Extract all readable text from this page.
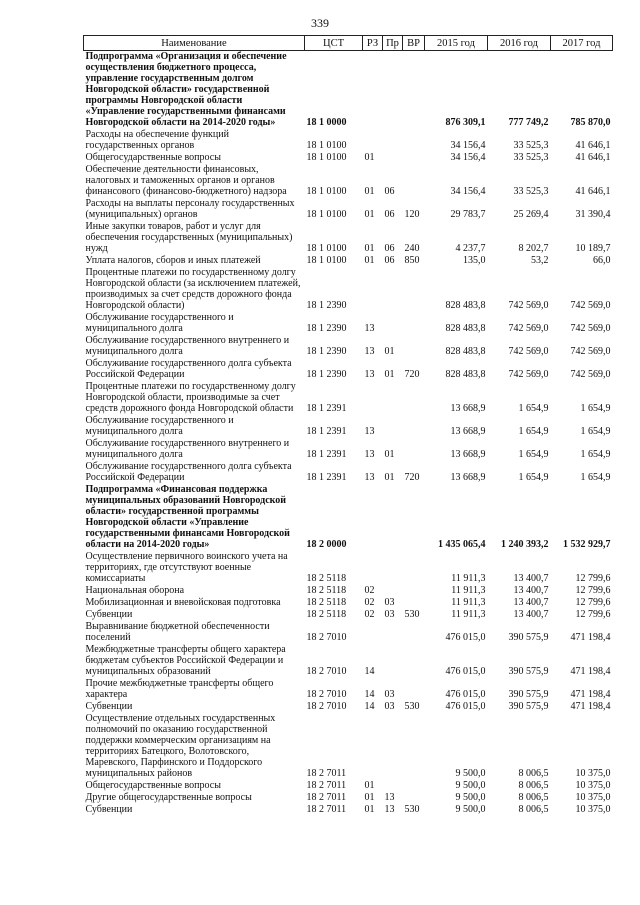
339
Наименование	ЦСТ	РЗ	Пр	ВР	2015 год	2016 год	2017 год
Подпрограмма «Организация и обеспечение осуществления бюджетного процесса, управление государственным долгом Новгородской области» государственной программы Новгородской области «Управление государственными финансами Новгородской области на 2014-2020 годы»	18 1 0000				876 309,1	777 749,2	785 870,0
Расходы на обеспечение функций государственных органов	18 1 0100				34 156,4	33 525,3	41 646,1
Общегосударственные вопросы	18 1 0100	01			34 156,4	33 525,3	41 646,1
Обеспечение деятельности финансовых, налоговых и таможенных органов и органов финансового (финансово-бюджетного) надзора	18 1 0100	01	06		34 156,4	33 525,3	41 646,1
Расходы на выплаты персоналу государственных (муниципальных) органов	18 1 0100	01	06	120	29 783,7	25 269,4	31 390,4
Иные закупки товаров, работ и услуг для обеспечения государственных (муниципальных) нужд	18 1 0100	01	06	240	4 237,7	8 202,7	10 189,7
Уплата налогов, сборов и иных платежей	18 1 0100	01	06	850	135,0	53,2	66,0
Процентные платежи по государственному долгу Новгородской области (за исключением платежей, производимых за счет средств дорожного фонда Новгородской области)	18 1 2390				828 483,8	742 569,0	742 569,0
Обслуживание государственного и муниципального долга	18 1 2390	13			828 483,8	742 569,0	742 569,0
Обслуживание государственного внутреннего и муниципального долга	18 1 2390	13	01		828 483,8	742 569,0	742 569,0
Обслуживание государственного долга субъекта Российской Федерации	18 1 2390	13	01	720	828 483,8	742 569,0	742 569,0
Процентные платежи по государственному долгу Новгородской области, производимые за счет средств дорожного фонда Новгородской области	18 1 2391				13 668,9	1 654,9	1 654,9
Обслуживание государственного и муниципального долга	18 1 2391	13			13 668,9	1 654,9	1 654,9
Обслуживание государственного внутреннего и муниципального долга	18 1 2391	13	01		13 668,9	1 654,9	1 654,9
Обслуживание государственного долга субъекта Российской Федерации	18 1 2391	13	01	720	13 668,9	1 654,9	1 654,9
Подпрограмма «Финансовая поддержка муниципальных образований Новгородской области» государственной программы Новгородской области «Управление государственными финансами Новгородской области на 2014-2020 годы»	18 2 0000				1 435 065,4	1 240 393,2	1 532 929,7
Осуществление первичного воинского учета на территориях, где отсутствуют военные комиссариаты	18 2 5118				11 911,3	13 400,7	12 799,6
Национальная оборона	18 2 5118	02			11 911,3	13 400,7	12 799,6
Мобилизационная и вневойсковая подготовка	18 2 5118	02	03		11 911,3	13 400,7	12 799,6
Субвенции	18 2 5118	02	03	530	11 911,3	13 400,7	12 799,6
Выравнивание бюджетной обеспеченности поселений	18 2 7010				476 015,0	390 575,9	471 198,4
Межбюджетные трансферты общего характера бюджетам субъектов Российской Федерации и муниципальных образований	18 2 7010	14			476 015,0	390 575,9	471 198,4
Прочие межбюджетные трансферты общего характера	18 2 7010	14	03		476 015,0	390 575,9	471 198,4
Субвенции	18 2 7010	14	03	530	476 015,0	390 575,9	471 198,4
Осуществление отдельных государственных полномочий по оказанию государственной поддержки коммерческим организациям на территориях Батецкого, Волотовского, Маревского, Парфинского и Поддорского муниципальных районов	18 2 7011				9 500,0	8 006,5	10 375,0
Общегосударственные вопросы	18 2 7011	01			9 500,0	8 006,5	10 375,0
Другие общегосударственные вопросы	18 2 7011	01	13		9 500,0	8 006,5	10 375,0
Субвенции	18 2 7011	01	13	530	9 500,0	8 006,5	10 375,0
